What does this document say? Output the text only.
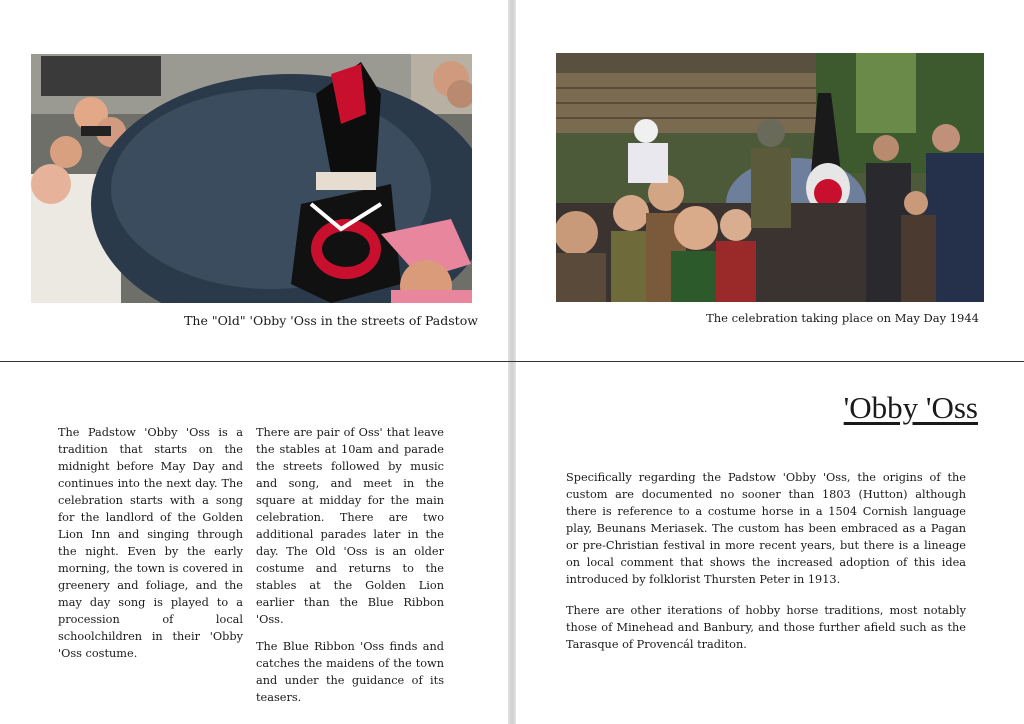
The "Old" 'Obby 'Oss in the streets of Padstow	The celebration taking place on May Day 1944

The Padstow 'Obby 'Oss is a tradition that starts on the midnight before May Day and continues into the next day. The celebration starts with a song for the landlord of the Golden Lion Inn and singing through the night. Even by the early morning, the town is covered in greenery and foliage, and the may day song is played to a procession of local schoolchildren in their 'Obby 'Oss costume.

There are pair of Oss' that leave the stables at 10am and parade the streets followed by music and song, and meet in the square at midday for the main celebration. There are two additional parades later in the day. The Old 'Oss is an older costume and returns to the stables at the Golden Lion earlier than the Blue Ribbon 'Oss.

The Blue Ribbon 'Oss finds and catches the maidens of the town and under the guidance of its teasers.

'Obby 'Oss

Specifically regarding the Padstow 'Obby 'Oss, the origins of the custom are documented no sooner than 1803 (Hutton) although there is reference to a costume horse in a 1504 Cornish language play, Beunans Meriasek. The custom has been embraced as a Pagan or pre-Christian festival in more recent years, but there is a lineage on local comment that shows the increased adoption of this idea introduced by folklorist Thursten Peter in 1913.

There are other iterations of hobby horse traditions, most notably those of Minehead and Banbury, and those further afield such as the Tarasque of Provencál traditon.
